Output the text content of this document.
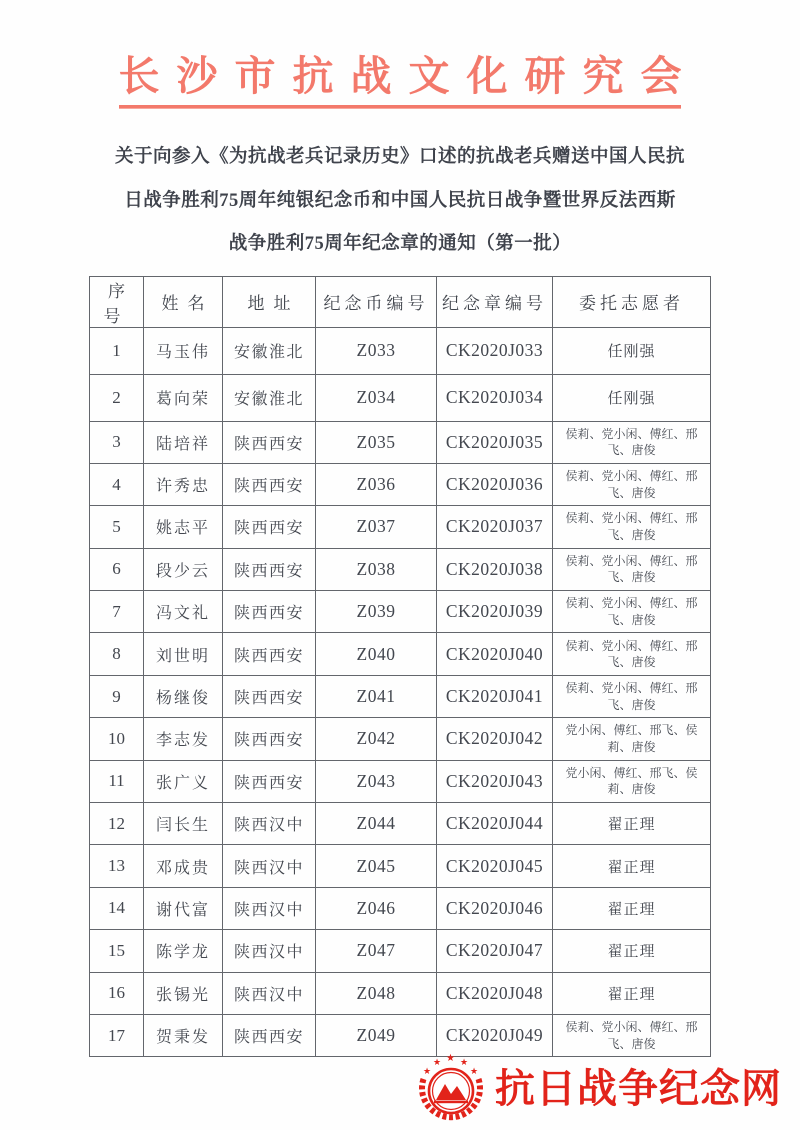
长沙市抗战文化研究会
关于向参入《为抗战老兵记录历史》口述的抗战老兵赠送中国人民抗
日战争胜利75周年纯银纪念币和中国人民抗日战争暨世界反法西斯
战争胜利75周年纪念章的通知（第一批）
序号	姓名	地址	纪念币编号	纪念章编号	委托志愿者
1	马玉伟	安徽淮北	Z033	CK2020J033	任刚强
2	葛向荣	安徽淮北	Z034	CK2020J034	任刚强
3	陆培祥	陕西西安	Z035	CK2020J035	侯莉、党小闲、傅红、邢飞、唐俊
4	许秀忠	陕西西安	Z036	CK2020J036	侯莉、党小闲、傅红、邢飞、唐俊
5	姚志平	陕西西安	Z037	CK2020J037	侯莉、党小闲、傅红、邢飞、唐俊
6	段少云	陕西西安	Z038	CK2020J038	侯莉、党小闲、傅红、邢飞、唐俊
7	冯文礼	陕西西安	Z039	CK2020J039	侯莉、党小闲、傅红、邢飞、唐俊
8	刘世明	陕西西安	Z040	CK2020J040	侯莉、党小闲、傅红、邢飞、唐俊
9	杨继俊	陕西西安	Z041	CK2020J041	侯莉、党小闲、傅红、邢飞、唐俊
10	李志发	陕西西安	Z042	CK2020J042	党小闲、傅红、邢飞、侯莉、唐俊
11	张广义	陕西西安	Z043	CK2020J043	党小闲、傅红、邢飞、侯莉、唐俊
12	闫长生	陕西汉中	Z044	CK2020J044	翟正理
13	邓成贵	陕西汉中	Z045	CK2020J045	翟正理
14	谢代富	陕西汉中	Z046	CK2020J046	翟正理
15	陈学龙	陕西汉中	Z047	CK2020J047	翟正理
16	张锡光	陕西汉中	Z048	CK2020J048	翟正理
17	贺秉发	陕西西安	Z049	CK2020J049	侯莉、党小闲、傅红、邢飞、唐俊
★
★ ★ ★
★ 抗日战争纪念网
